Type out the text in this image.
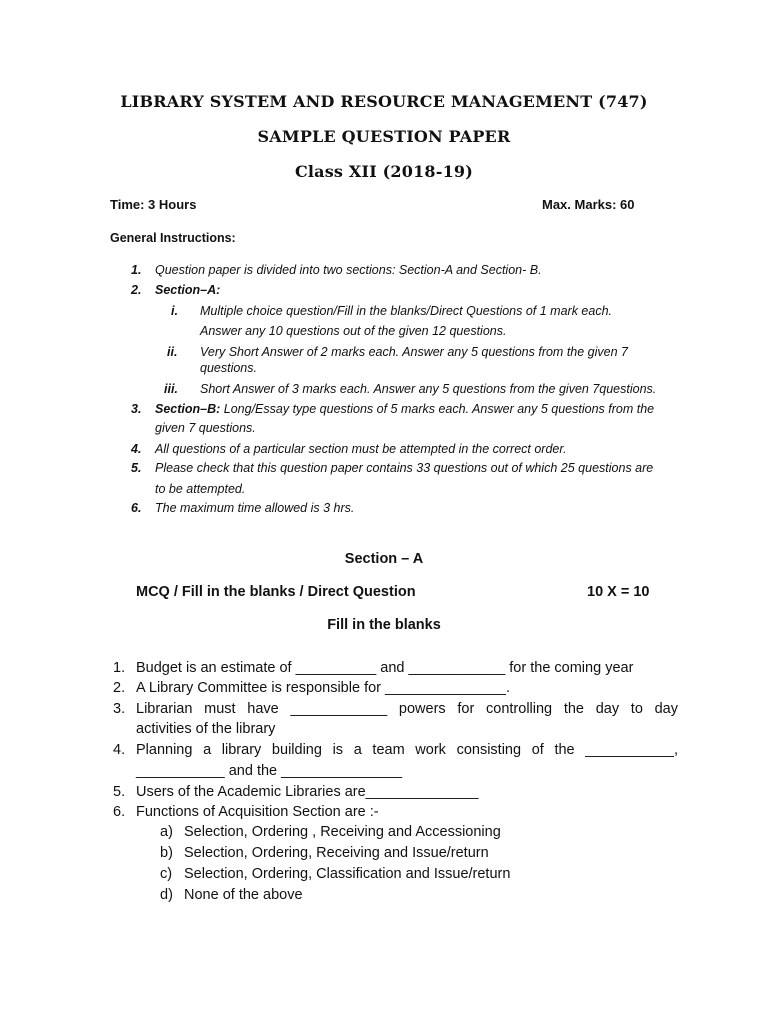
LIBRARY SYSTEM AND RESOURCE MANAGEMENT (747)
SAMPLE QUESTION PAPER
Class XII (2018-19)
Time: 3 Hours	Max. Marks: 60
General Instructions:
1. Question paper is divided into two sections: Section-A and Section- B.
2. Section–A:
i. Multiple choice question/Fill in the blanks/Direct Questions of 1 mark each.
Answer any 10 questions out of the given 12 questions.
ii. Very Short Answer of 2 marks each. Answer any 5 questions from the given 7
questions.
iii. Short Answer of 3 marks each. Answer any 5 questions from the given 7questions.
3. Section–B: Long/Essay type questions of 5 marks each. Answer any 5 questions from the
given 7 questions.
4. All questions of a particular section must be attempted in the correct order.
5. Please check that this question paper contains 33 questions out of which 25 questions are
to be attempted.
6. The maximum time allowed is 3 hrs.
Section – A
MCQ / Fill in the blanks / Direct Question	10 X = 10
Fill in the blanks
1. Budget is an estimate of __________ and ____________ for the coming year
2. A Library Committee is responsible for _______________.
3. Librarian must have ____________ powers for controlling the day to day
activities of the library
4. Planning a library building is a team work consisting of the ___________,
___________ and the _______________
5. Users of the Academic Libraries are______________
6. Functions of Acquisition Section are :-
a) Selection, Ordering , Receiving and Accessioning
b) Selection, Ordering, Receiving and Issue/return
c) Selection, Ordering, Classification and Issue/return
d) None of the above
